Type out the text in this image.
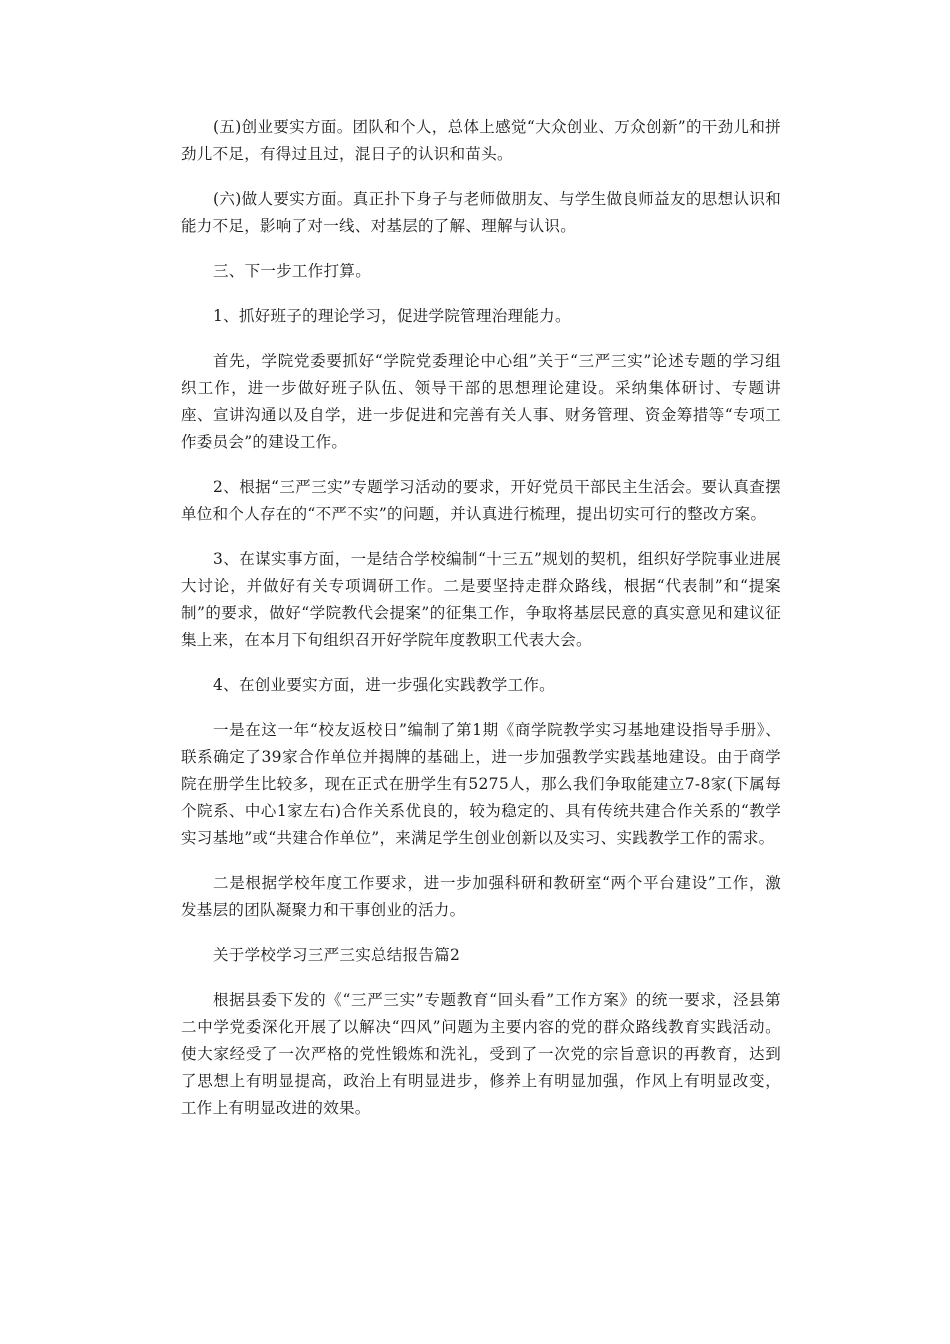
(五)创业要实方面。团队和个人，总体上感觉“大众创业、万众创新”的干劲儿和拼劲儿不足，有得过且过，混日子的认识和苗头。

(六)做人要实方面。真正扑下身子与老师做朋友、与学生做良师益友的思想认识和能力不足，影响了对一线、对基层的了解、理解与认识。

三、下一步工作打算。

1、抓好班子的理论学习，促进学院管理治理能力。

首先，学院党委要抓好“学院党委理论中心组”关于“三严三实”论述专题的学习组织工作，进一步做好班子队伍、领导干部的思想理论建设。采纳集体研讨、专题讲座、宣讲沟通以及自学，进一步促进和完善有关人事、财务管理、资金筹措等“专项工作委员会”的建设工作。

2、根据“三严三实”专题学习活动的要求，开好党员干部民主生活会。要认真查摆单位和个人存在的“不严不实”的问题，并认真进行梳理，提出切实可行的整改方案。

3、在谋实事方面，一是结合学校编制“十三五”规划的契机，组织好学院事业进展大讨论，并做好有关专项调研工作。二是要坚持走群众路线，根据“代表制”和“提案制”的要求，做好“学院教代会提案”的征集工作，争取将基层民意的真实意见和建议征集上来，在本月下旬组织召开好学院年度教职工代表大会。

4、在创业要实方面，进一步强化实践教学工作。

一是在这一年“校友返校日”编制了第1期《商学院教学实习基地建设指导手册》、联系确定了39家合作单位并揭牌的基础上，进一步加强教学实践基地建设。由于商学院在册学生比较多，现在正式在册学生有5275人，那么我们争取能建立7-8家(下属每个院系、中心1家左右)合作关系优良的，较为稳定的、具有传统共建合作关系的“教学实习基地”或“共建合作单位”，来满足学生创业创新以及实习、实践教学工作的需求。

二是根据学校年度工作要求，进一步加强科研和教研室“两个平台建设”工作，激发基层的团队凝聚力和干事创业的活力。

关于学校学习三严三实总结报告篇2

根据县委下发的《“三严三实”专题教育“回头看”工作方案》的统一要求，泾县第二中学党委深化开展了以解决“四风”问题为主要内容的党的群众路线教育实践活动。使大家经受了一次严格的党性锻炼和洗礼，受到了一次党的宗旨意识的再教育，达到了思想上有明显提高，政治上有明显进步，修养上有明显加强，作风上有明显改变，工作上有明显改进的效果。
